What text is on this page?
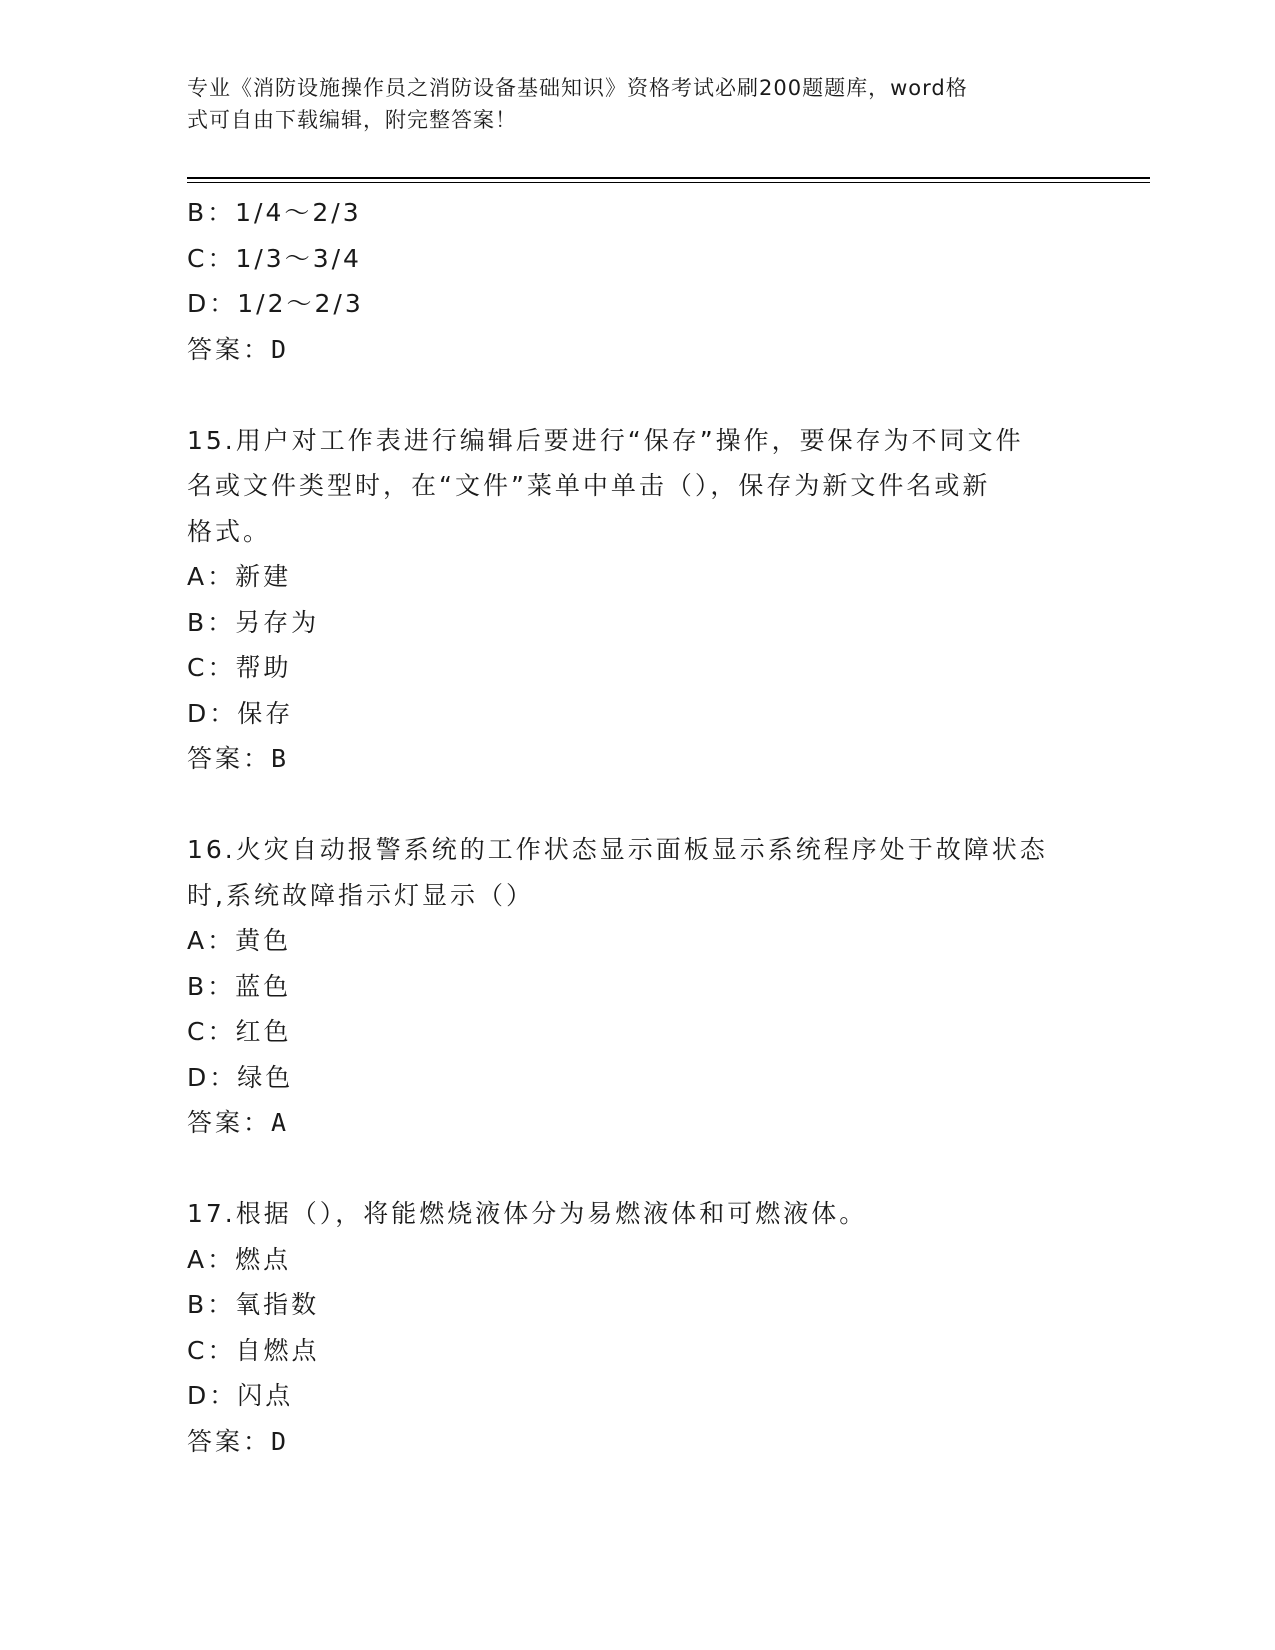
专业《消防设施操作员之消防设备基础知识》资格考试必刷200题题库，word格
式可自由下载编辑，附完整答案！
B：1/4～2/3
C：1/3～3/4
D：1/2～2/3
答案：D
15.用户对工作表进行编辑后要进行“保存”操作，要保存为不同文件
名或文件类型时，在“文件”菜单中单击（），保存为新文件名或新
格式。
A：新建
B：另存为
C：帮助
D：保存
答案：B
16.火灾自动报警系统的工作状态显示面板显示系统程序处于故障状态
时,系统故障指示灯显示（）
A：黄色
B：蓝色
C：红色
D：绿色
答案：A
17.根据（），将能燃烧液体分为易燃液体和可燃液体。
A：燃点
B：氧指数
C：自燃点
D：闪点
答案：D
